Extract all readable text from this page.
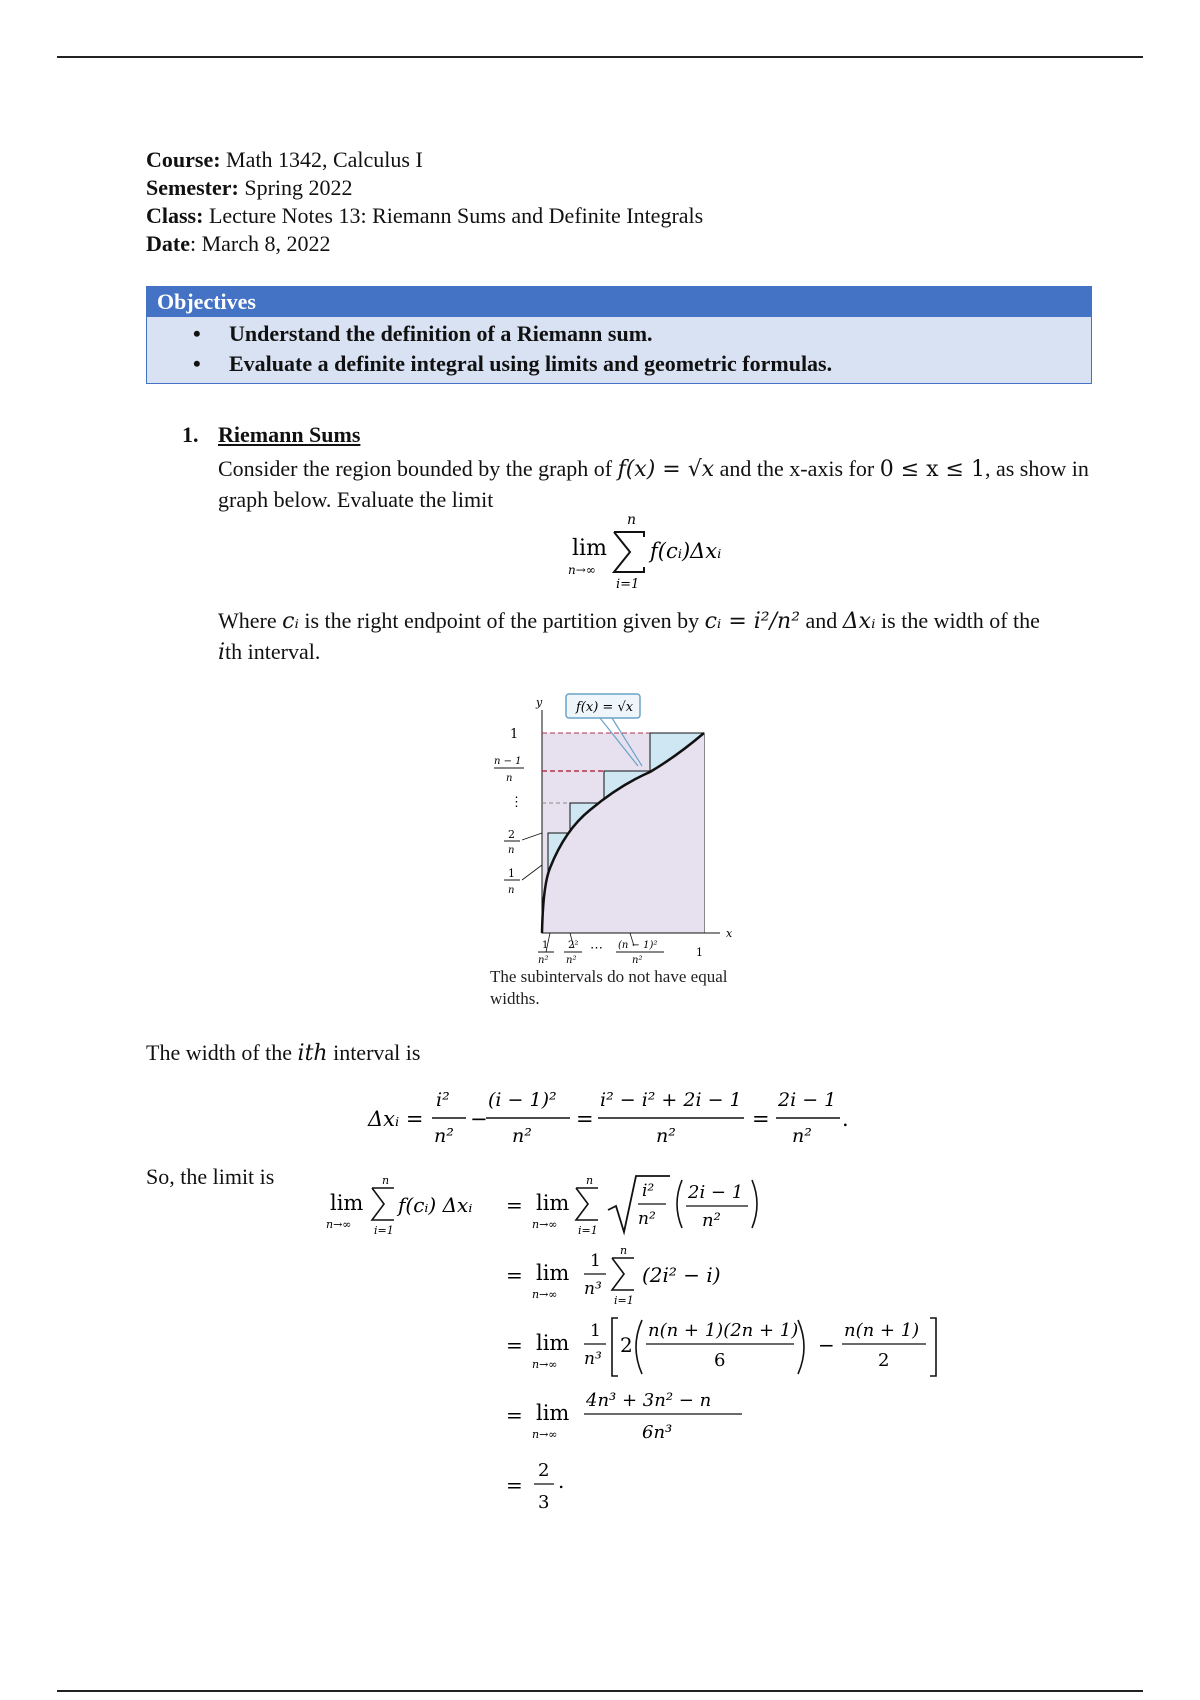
Course: Math 1342, Calculus I
Semester: Spring 2022
Class: Lecture Notes 13: Riemann Sums and Definite Integrals
Date: March 8, 2022
Objectives
• Understand the definition of a Riemann sum.
• Evaluate a definite integral using limits and geometric formulas.
1. Riemann Sums
Consider the region bounded by the graph of f(x) = √x and the x-axis for 0 ≤ x ≤ 1, as show in graph below. Evaluate the limit
lim
n→∞
n
i=1
f(cᵢ)Δxᵢ
Where cᵢ is the right endpoint of the partition given by cᵢ = i²/n² and Δxᵢ is the width of the
ith interval.
f(x) = √x
y
x
1
n − 1
n
⋮
2
n
1
n
1
n²
2²
n²
⋯ (n − 1)²
n²
1
The subintervals do not have equal widths.
The width of the ith interval is
Δxᵢ =
i²
n²
−
(i − 1)²
n²
=
i² − i² + 2i − 1
n²
=
2i − 1
n²
.
So, the limit is
lim
n→∞
n
i=1
f(cᵢ) Δxᵢ = lim
n→∞
n
i=1
i²
n²
2i − 1
n²
= lim
n→∞
1
n³
n
i=1
(2i² − i)
= lim
n→∞
1
n³
2
n(n + 1)(2n + 1)
6
−
n(n + 1)
2
= lim
n→∞
4n³ + 3n² − n
6n³
=
2
3
.
